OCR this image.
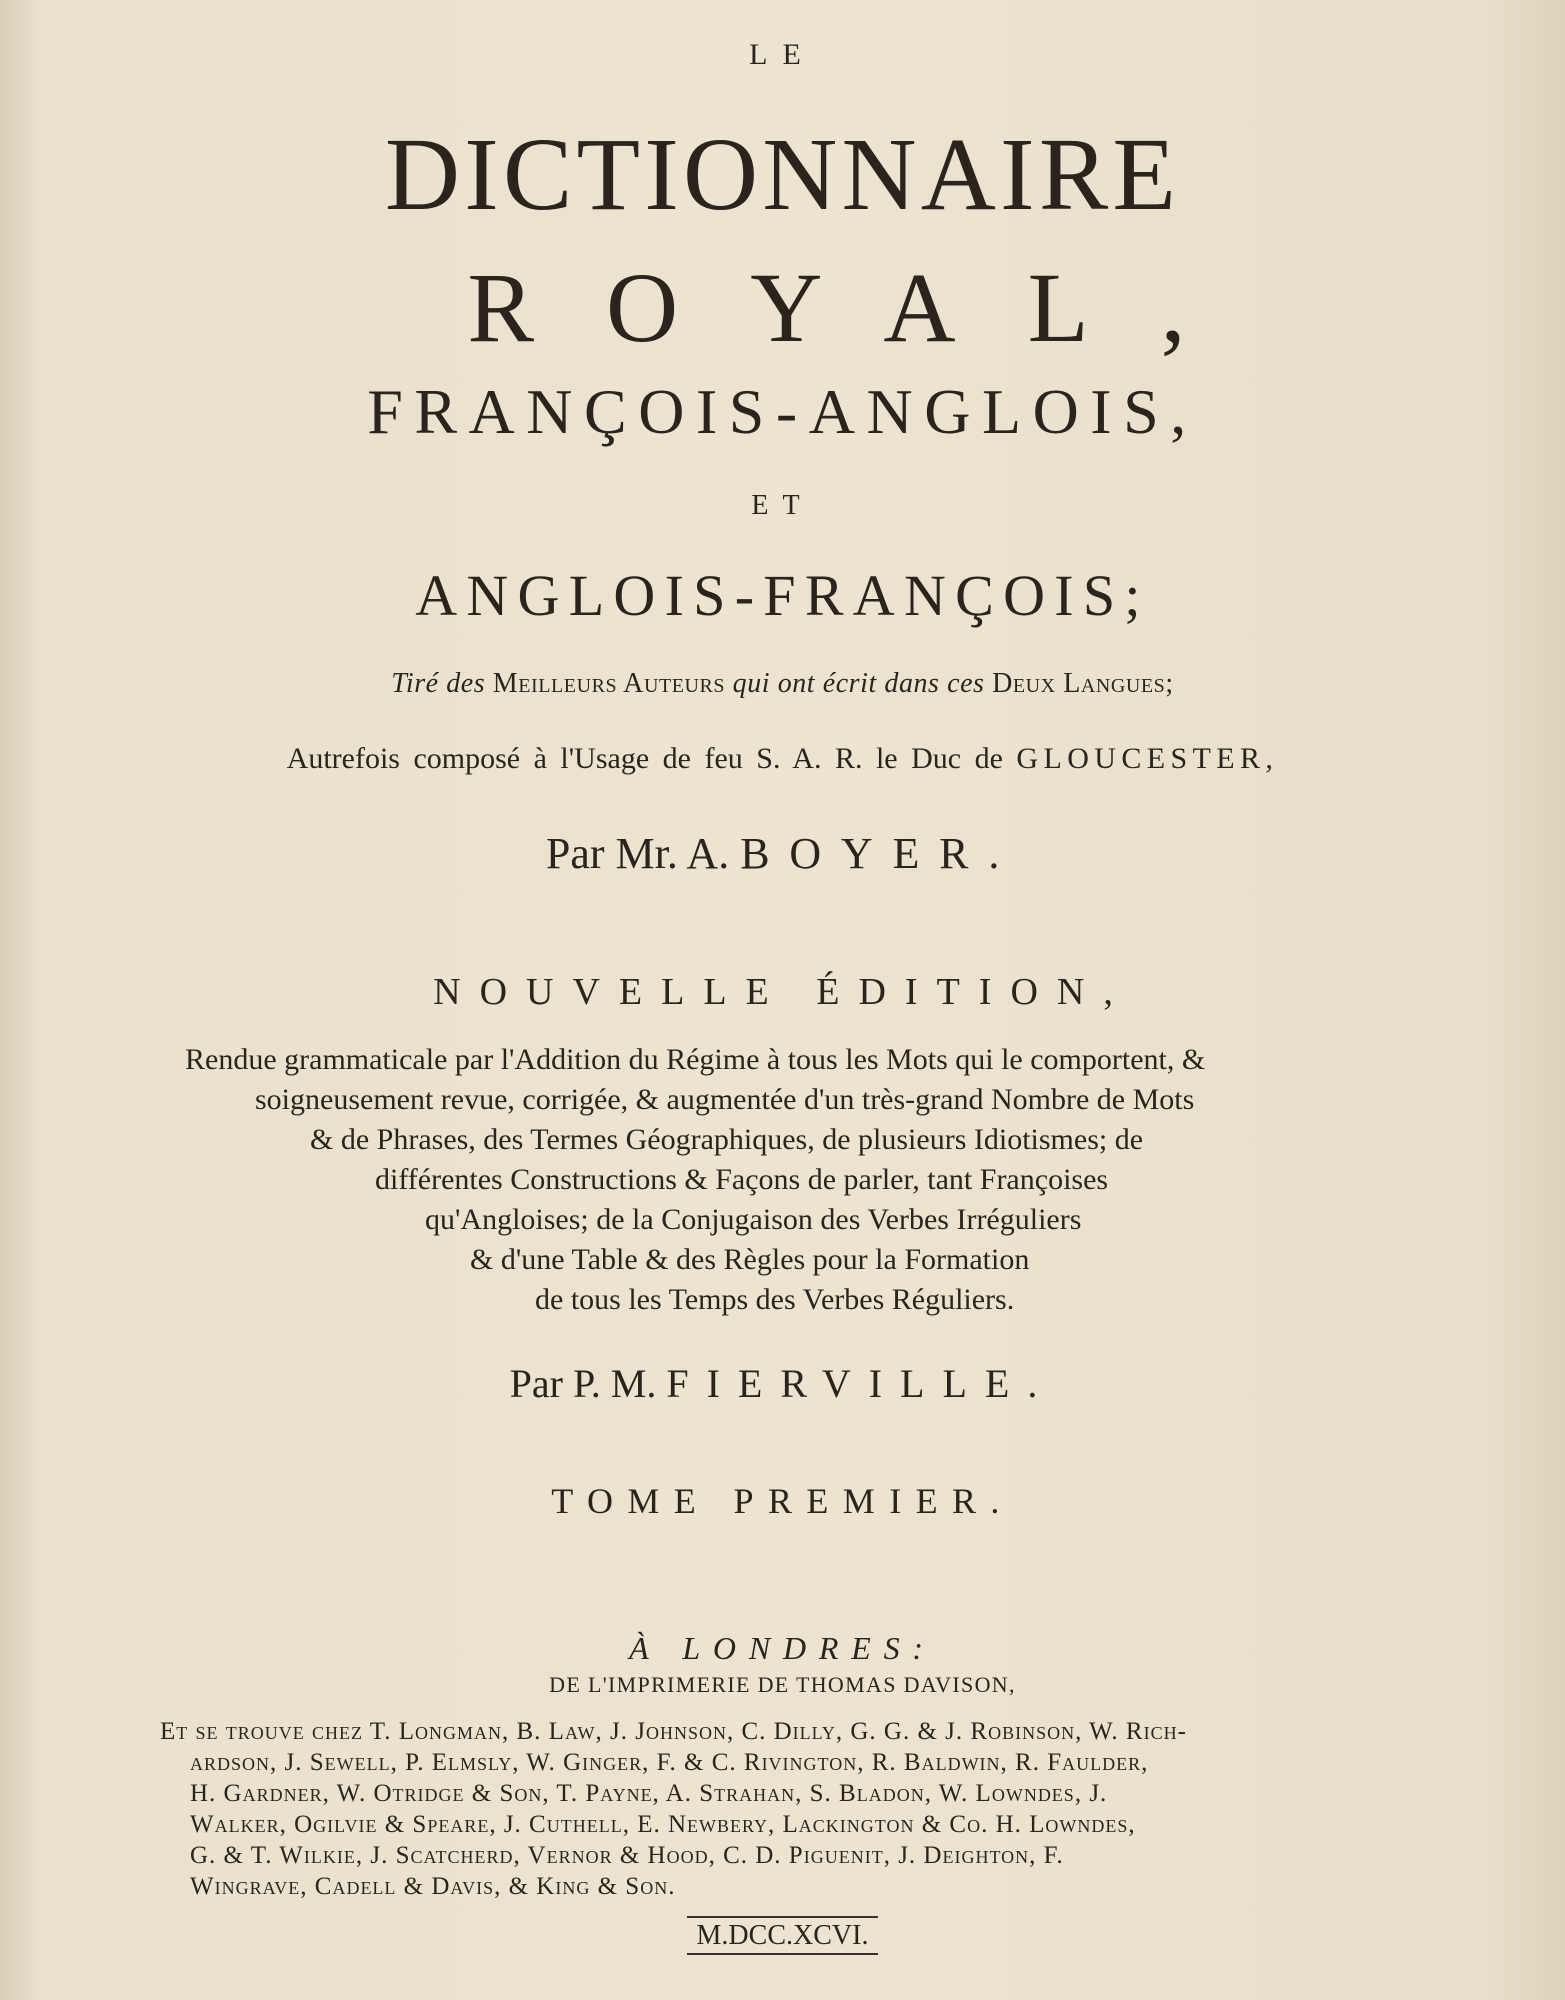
LE
DICTIONNAIRE
ROYAL,
FRANÇOIS-ANGLOIS,
ET
ANGLOIS-FRANÇOIS;
Tiré des Meilleurs Auteurs qui ont écrit dans ces Deux Langues;
Autrefois composé à l'Usage de feu S. A. R. le Duc de GLOUCESTER,
Par Mr. A. BOYER.
NOUVELLE ÉDITION,
Rendue grammaticale par l'Addition du Régime à tous les Mots qui le comportent, &
soigneusement revue, corrigée, & augmentée d'un très-grand Nombre de Mots
& de Phrases, des Termes Géographiques, de plusieurs Idiotismes; de
différentes Constructions & Façons de parler, tant Françoises
qu'Angloises; de la Conjugaison des Verbes Irréguliers
& d'une Table & des Règles pour la Formation
de tous les Temps des Verbes Réguliers.
Par P. M. FIERVILLE.
TOME PREMIER.
À LONDRES:
DE L'IMPRIMERIE DE THOMAS DAVISON,
Et se trouve chez T. Longman, B. Law, J. Johnson, C. Dilly, G. G. & J. Robinson, W. Rich-
ardson, J. Sewell, P. Elmsly, W. Ginger, F. & C. Rivington, R. Baldwin, R. Faulder,
H. Gardner, W. Otridge & Son, T. Payne, A. Strahan, S. Bladon, W. Lowndes, J.
Walker, Ogilvie & Speare, J. Cuthell, E. Newbery, Lackington & Co. H. Lowndes,
G. & T. Wilkie, J. Scatcherd, Vernor & Hood, C. D. Piguenit, J. Deighton, F.
Wingrave, Cadell & Davis, & King & Son.
M.DCC.XCVI.
